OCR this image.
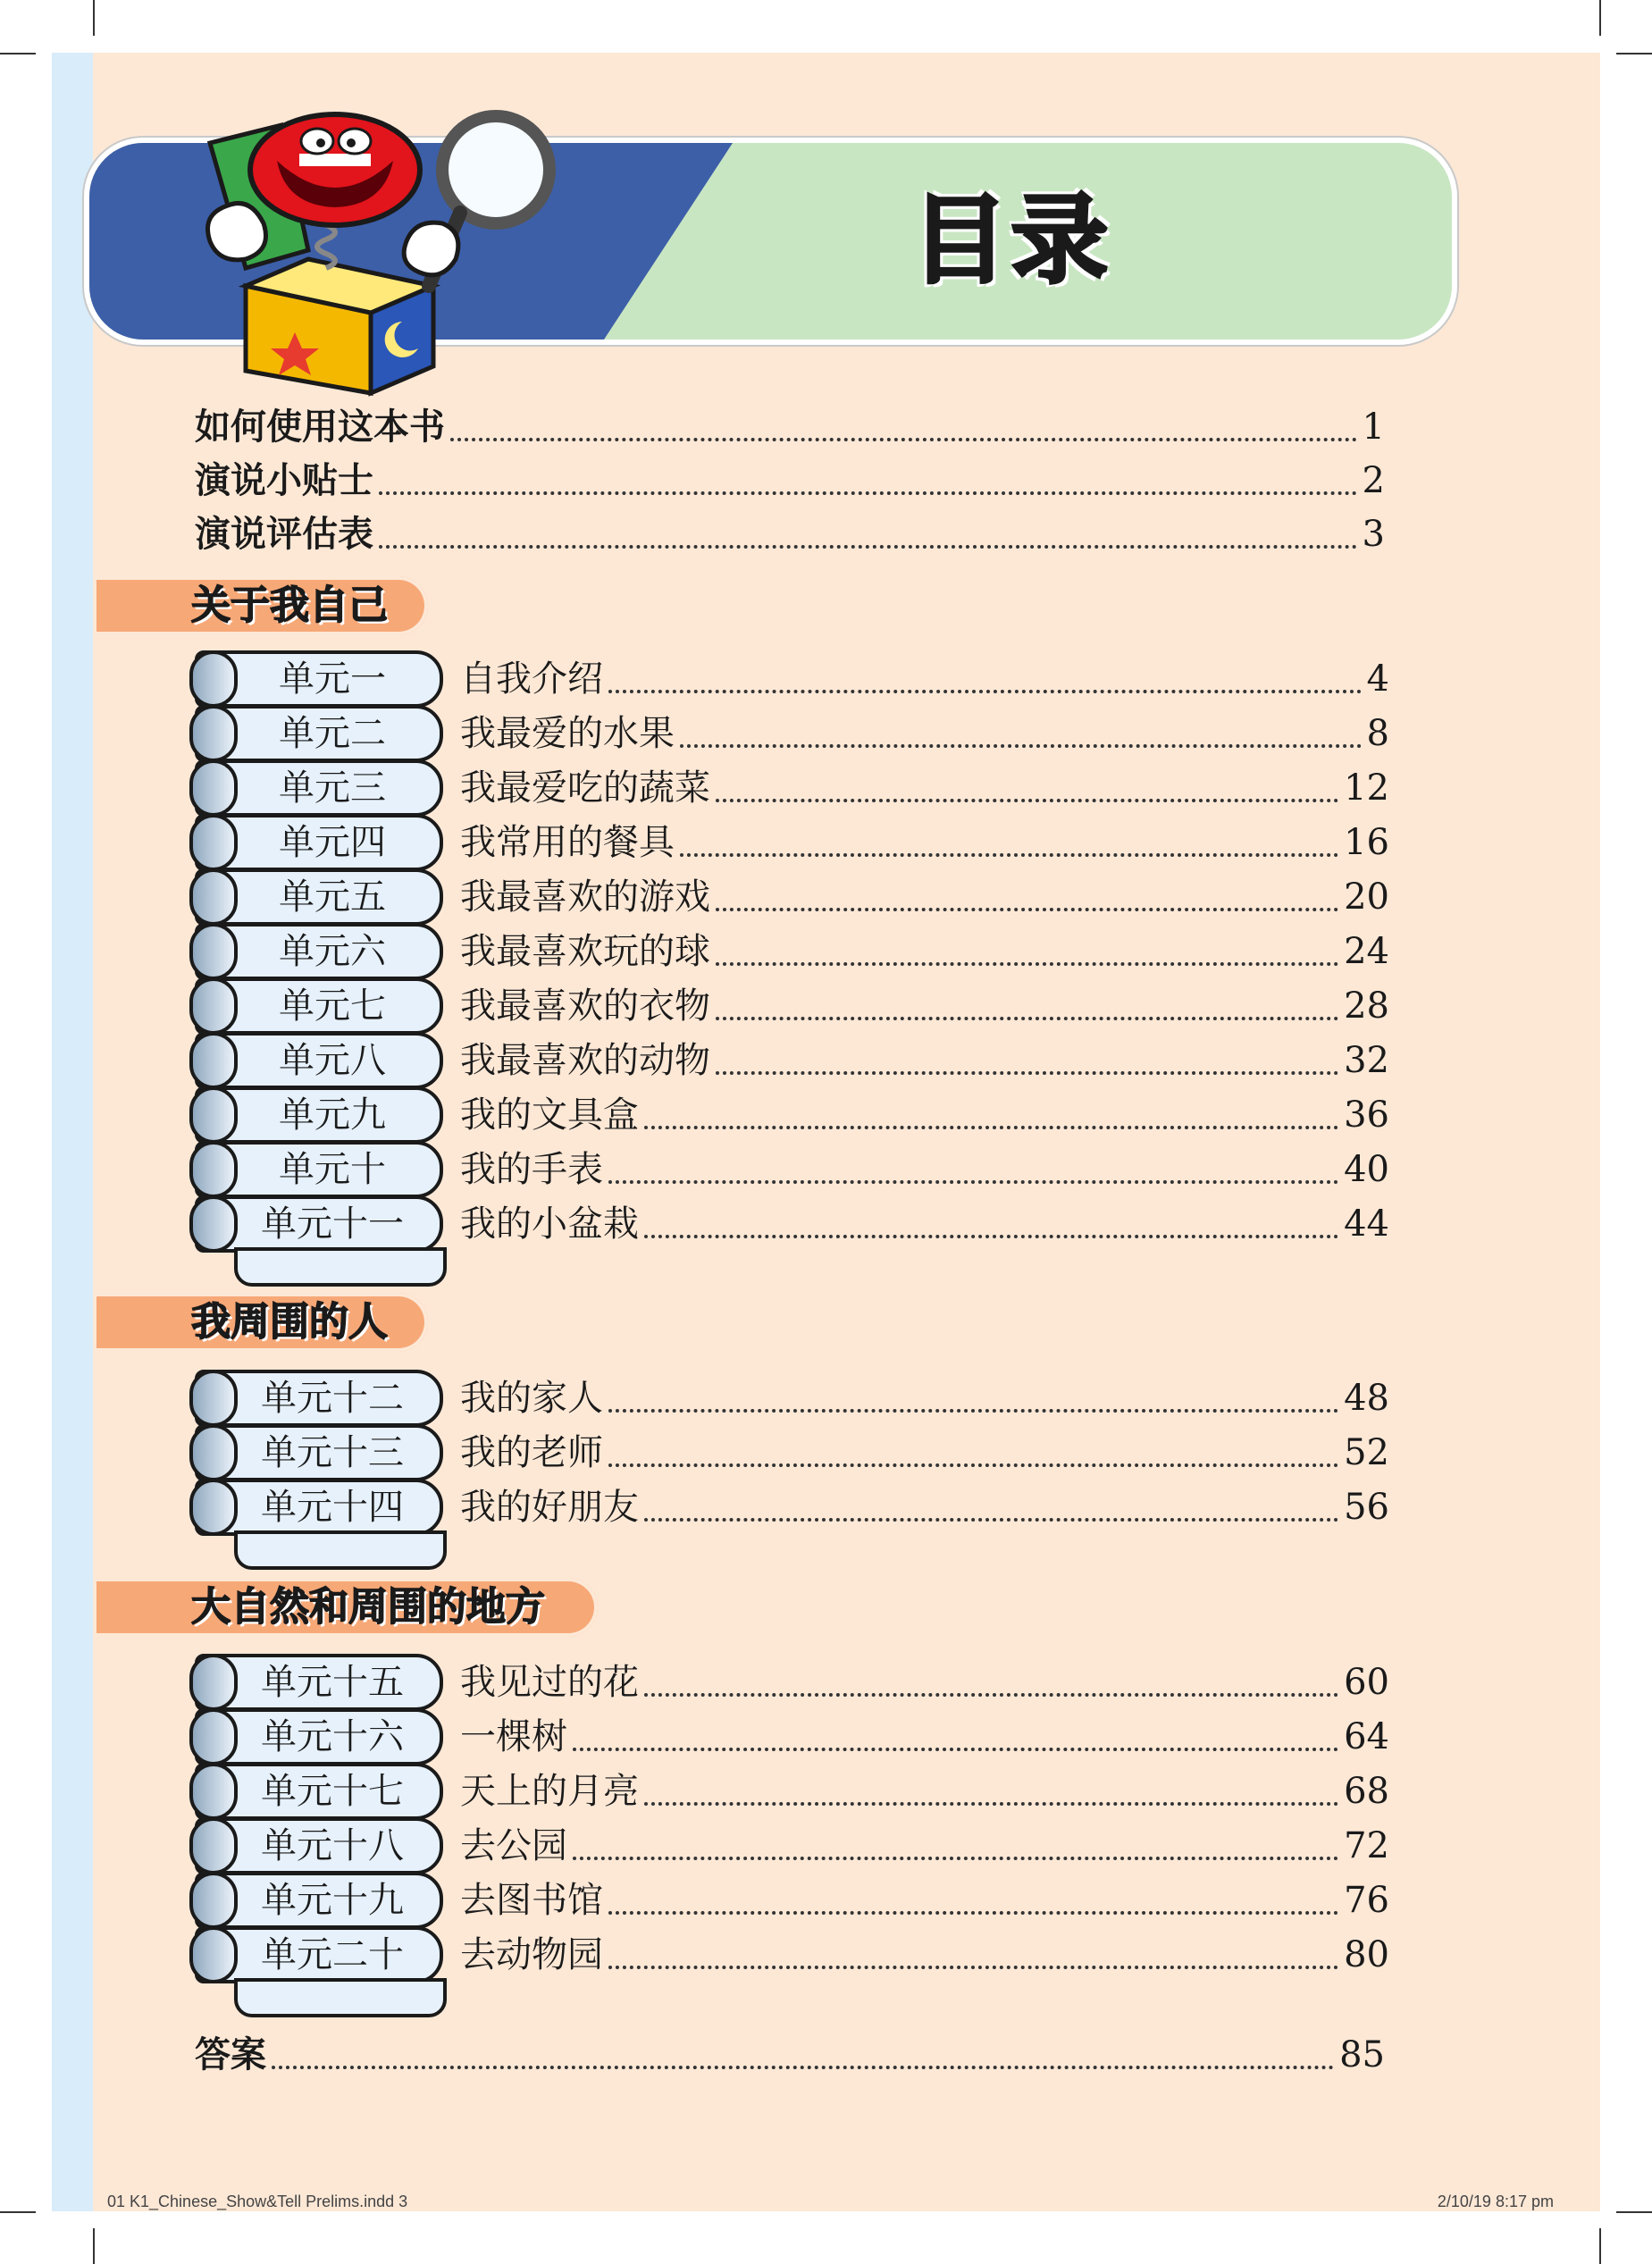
目录
如何使用这本书	1
演说小贴士	2
演说评估表	3
关于我自己
我周围的人
大自然和周围的地方
单元一	自我介绍	4
单元二	我最爱的水果	8
单元三	我最爱吃的蔬菜	12
单元四	我常用的餐具	16
单元五	我最喜欢的游戏	20
单元六	我最喜欢玩的球	24
单元七	我最喜欢的衣物	28
单元八	我最喜欢的动物	32
单元九	我的文具盒	36
单元十	我的手表	40
单元十一	我的小盆栽	44
单元十二	我的家人	48
单元十三	我的老师	52
单元十四	我的好朋友	56
单元十五	我见过的花	60
单元十六	一棵树	64
单元十七	天上的月亮	68
单元十八	去公园	72
单元十九	去图书馆	76
单元二十	去动物园	80
答案	85
01 K1_Chinese_Show&Tell Prelims.indd 3	2/10/19 8:17 pm
